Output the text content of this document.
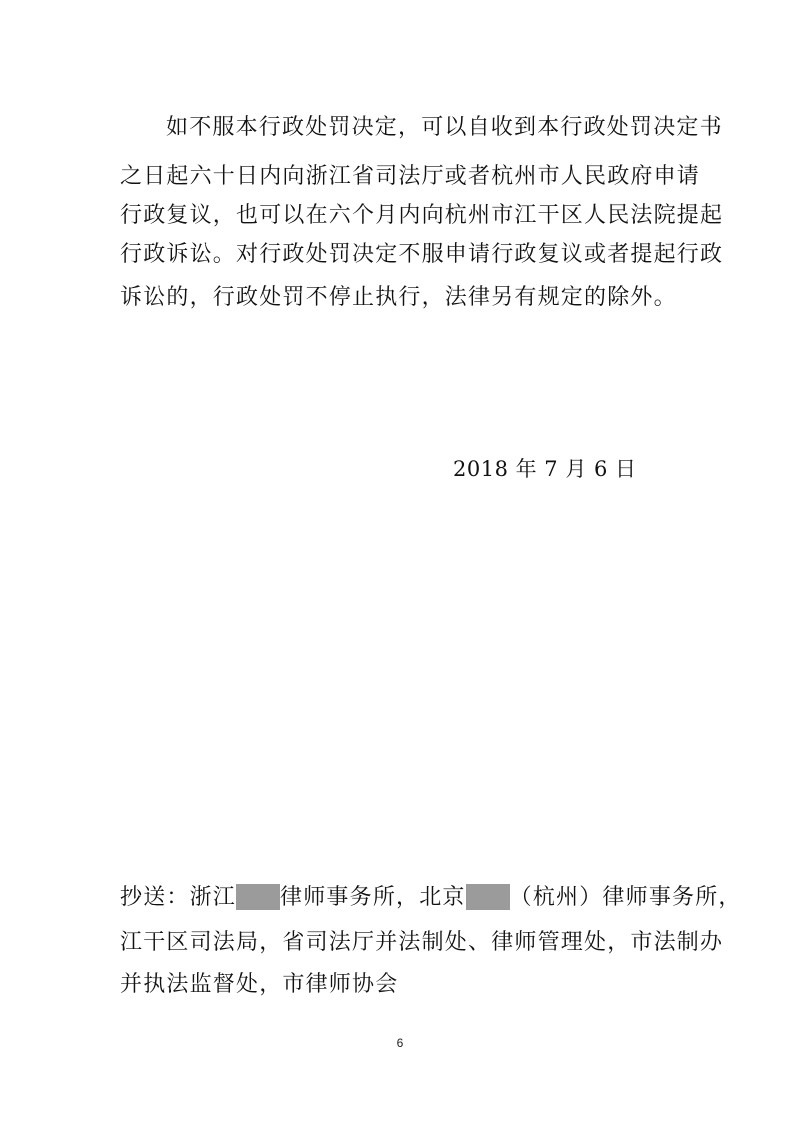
如不服本行政处罚决定，可以自收到本行政处罚决定书
之日起六十日内向浙江省司法厅或者杭州市人民政府申请
行政复议，也可以在六个月内向杭州市江干区人民法院提起
行政诉讼。对行政处罚决定不服申请行政复议或者提起行政
诉讼的，行政处罚不停止执行，法律另有规定的除外。
2018 年 7 月 6 日
抄送：浙江 律师事务所，北京 （杭州）律师事务所，
江干区司法局，省司法厅并法制处、律师管理处，市法制办
并执法监督处，市律师协会
6
